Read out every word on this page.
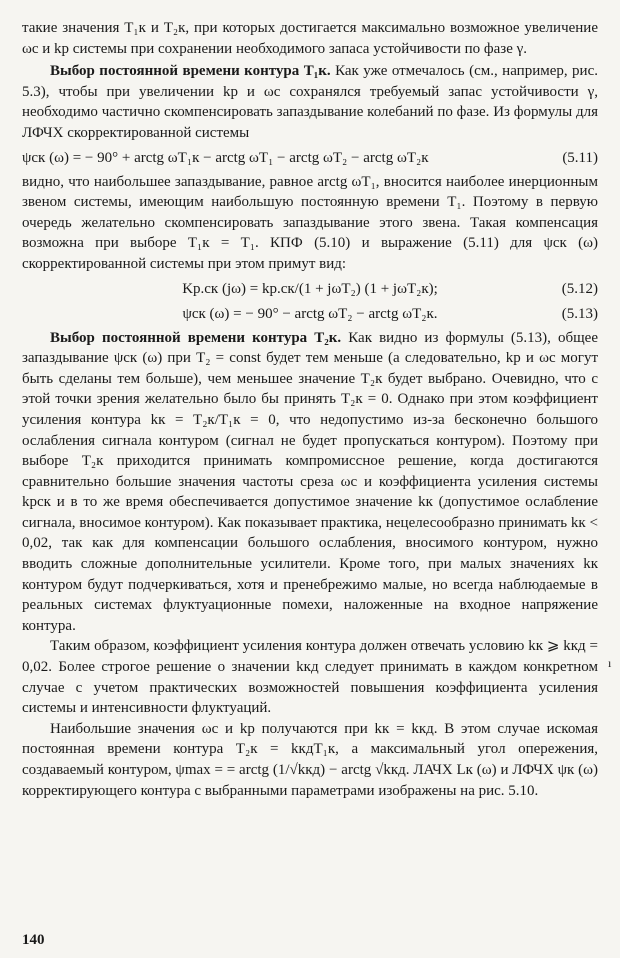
такие значения T₁к и T₂к, при которых достигается максимально возможное увеличение ωс и kр системы при сохранении необходимого запаса устойчивости по фазе γ.

Выбор постоянной времени контура T₁к. Как уже отмечалось (см., например, рис. 5.3), чтобы при увеличении kр и ωс сохранялся требуемый запас устойчивости γ, необходимо частично скомпенсировать запаздывание колебаний по фазе. Из формулы для ЛФЧХ скорректированной системы

ψск (ω) = − 90° + arctg ωT₁к − arctg ωT₁ − arctg ωT₂ − arctg ωT₂к	(5.11)

видно, что наибольшее запаздывание, равное arctg ωT₁, вносится наиболее инерционным звеном системы, имеющим наибольшую постоянную времени T₁. Поэтому в первую очередь желательно скомпенсировать запаздывание этого звена. Такая компенсация возможна при выборе T₁к = T₁. КПФ (5.10) и выражение (5.11) для ψск (ω) скорректированной системы при этом примут вид:

Kр.ск (jω) = kр.ск/(1 + jωT₂) (1 + jωT₂к);	(5.12)
ψск (ω) = − 90° − arctg ωT₂ − arctg ωT₂к.	(5.13)

Выбор постоянной времени контура T₂к. Как видно из формулы (5.13), общее запаздывание ψск (ω) при T₂ = const будет тем меньше (а следовательно, kр и ωс могут быть сделаны тем больше), чем меньшее значение T₂к будет выбрано. Очевидно, что с этой точки зрения желательно было бы принять T₂к = 0. Однако при этом коэффициент усиления контура kк = T₂к/T₁к = 0, что недопустимо из-за бесконечно большого ослабления сигнала контуром (сигнал не будет пропускаться контуром). Поэтому при выборе T₂к приходится принимать компромиссное решение, когда достигаются сравнительно большие значения частоты среза ωс и коэффициента усиления системы kрск и в то же время обеспечивается допустимое значение kк (допустимое ослабление сигнала, вносимое контуром). Как показывает практика, нецелесообразно принимать kк < 0,02, так как для компенсации большого ослабления, вносимого контуром, нужно вводить сложные дополнительные усилители. Кроме того, при малых значениях kк контуром будут подчеркиваться, хотя и пренебрежимо малые, но всегда наблюдаемые в реальных системах флуктуационные помехи, наложенные на входное напряжение контура.

Таким образом, коэффициент усиления контура должен отвечать условию kк ⩾ kкд = 0,02. Более строгое решение о значении kкд следует принимать в каждом конкретном случае с учетом практических возможностей повышения коэффициента усиления системы и интенсивности флуктуаций.

Наибольшие значения ωс и kр получаются при kк = kкд. В этом случае искомая постоянная времени контура T₂к = kкдT₁к, а максимальный угол опережения, создаваемый контуром, ψmax = = arctg (1/√kкд) − arctg √kкд. ЛАЧХ Lк (ω) и ЛФЧХ ψк (ω) корректирующего контура с выбранными параметрами изображены на рис. 5.10.

ı
140
